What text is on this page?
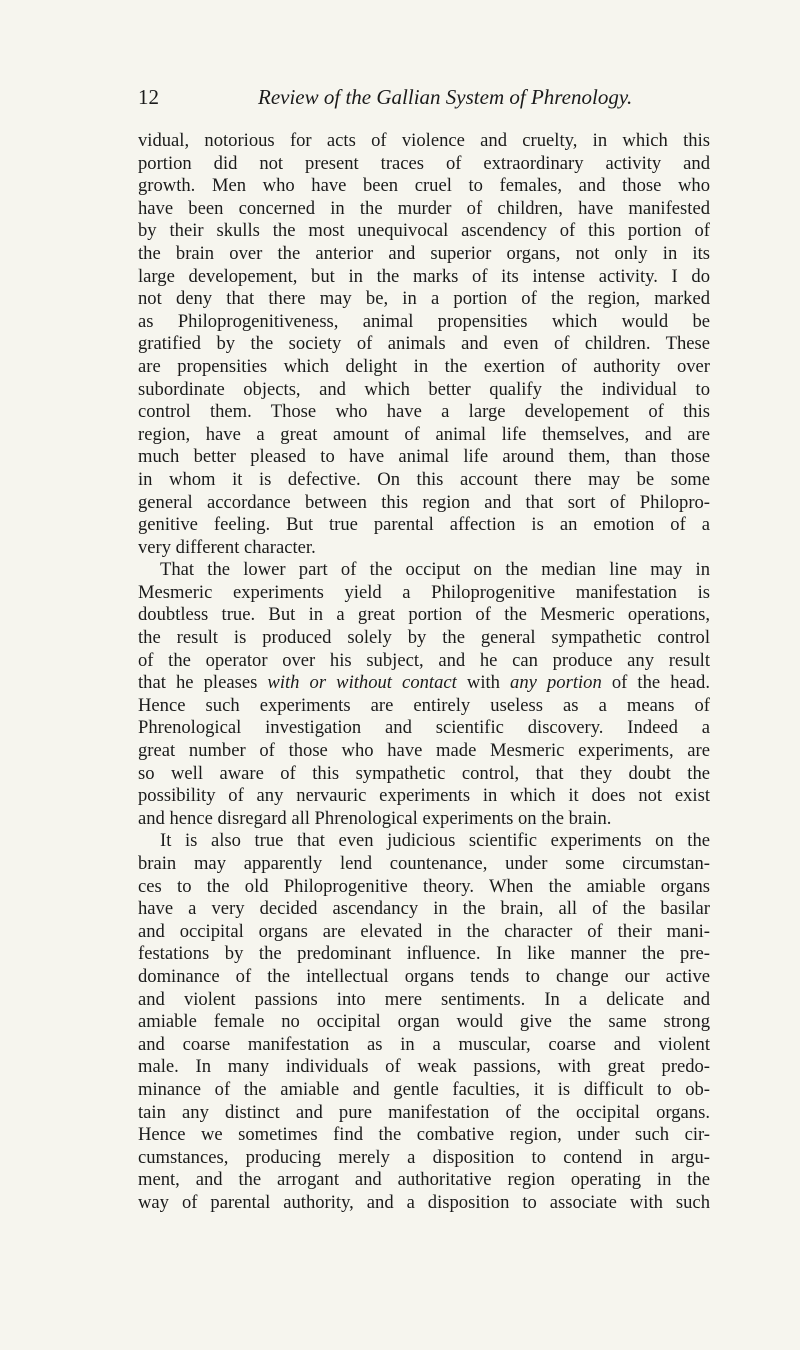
12	Review of the Gallian System of Phrenology.
vidual, notorious for acts of violence and cruelty, in which this
portion did not present traces of extraordinary activity and
growth. Men who have been cruel to females, and those who
have been concerned in the murder of children, have manifested
by their skulls the most unequivocal ascendency of this portion of
the brain over the anterior and superior organs, not only in its
large developement, but in the marks of its intense activity. I do
not deny that there may be, in a portion of the region, marked
as Philoprogenitiveness, animal propensities which would be
gratified by the society of animals and even of children. These
are propensities which delight in the exertion of authority over
subordinate objects, and which better qualify the individual to
control them. Those who have a large developement of this
region, have a great amount of animal life themselves, and are
much better pleased to have animal life around them, than those
in whom it is defective. On this account there may be some
general accordance between this region and that sort of Philopro-
genitive feeling. But true parental affection is an emotion of a
very different character.
That the lower part of the occiput on the median line may in
Mesmeric experiments yield a Philoprogenitive manifestation is
doubtless true. But in a great portion of the Mesmeric operations,
the result is produced solely by the general sympathetic control
of the operator over his subject, and he can produce any result
that he pleases with or without contact with any portion of the head.
Hence such experiments are entirely useless as a means of
Phrenological investigation and scientific discovery. Indeed a
great number of those who have made Mesmeric experiments, are
so well aware of this sympathetic control, that they doubt the
possibility of any nervauric experiments in which it does not exist
and hence disregard all Phrenological experiments on the brain.
It is also true that even judicious scientific experiments on the
brain may apparently lend countenance, under some circumstan-
ces to the old Philoprogenitive theory. When the amiable organs
have a very decided ascendancy in the brain, all of the basilar
and occipital organs are elevated in the character of their mani-
festations by the predominant influence. In like manner the pre-
dominance of the intellectual organs tends to change our active
and violent passions into mere sentiments. In a delicate and
amiable female no occipital organ would give the same strong
and coarse manifestation as in a muscular, coarse and violent
male. In many individuals of weak passions, with great predo-
minance of the amiable and gentle faculties, it is difficult to ob-
tain any distinct and pure manifestation of the occipital organs.
Hence we sometimes find the combative region, under such cir-
cumstances, producing merely a disposition to contend in argu-
ment, and the arrogant and authoritative region operating in the
way of parental authority, and a disposition to associate with such
